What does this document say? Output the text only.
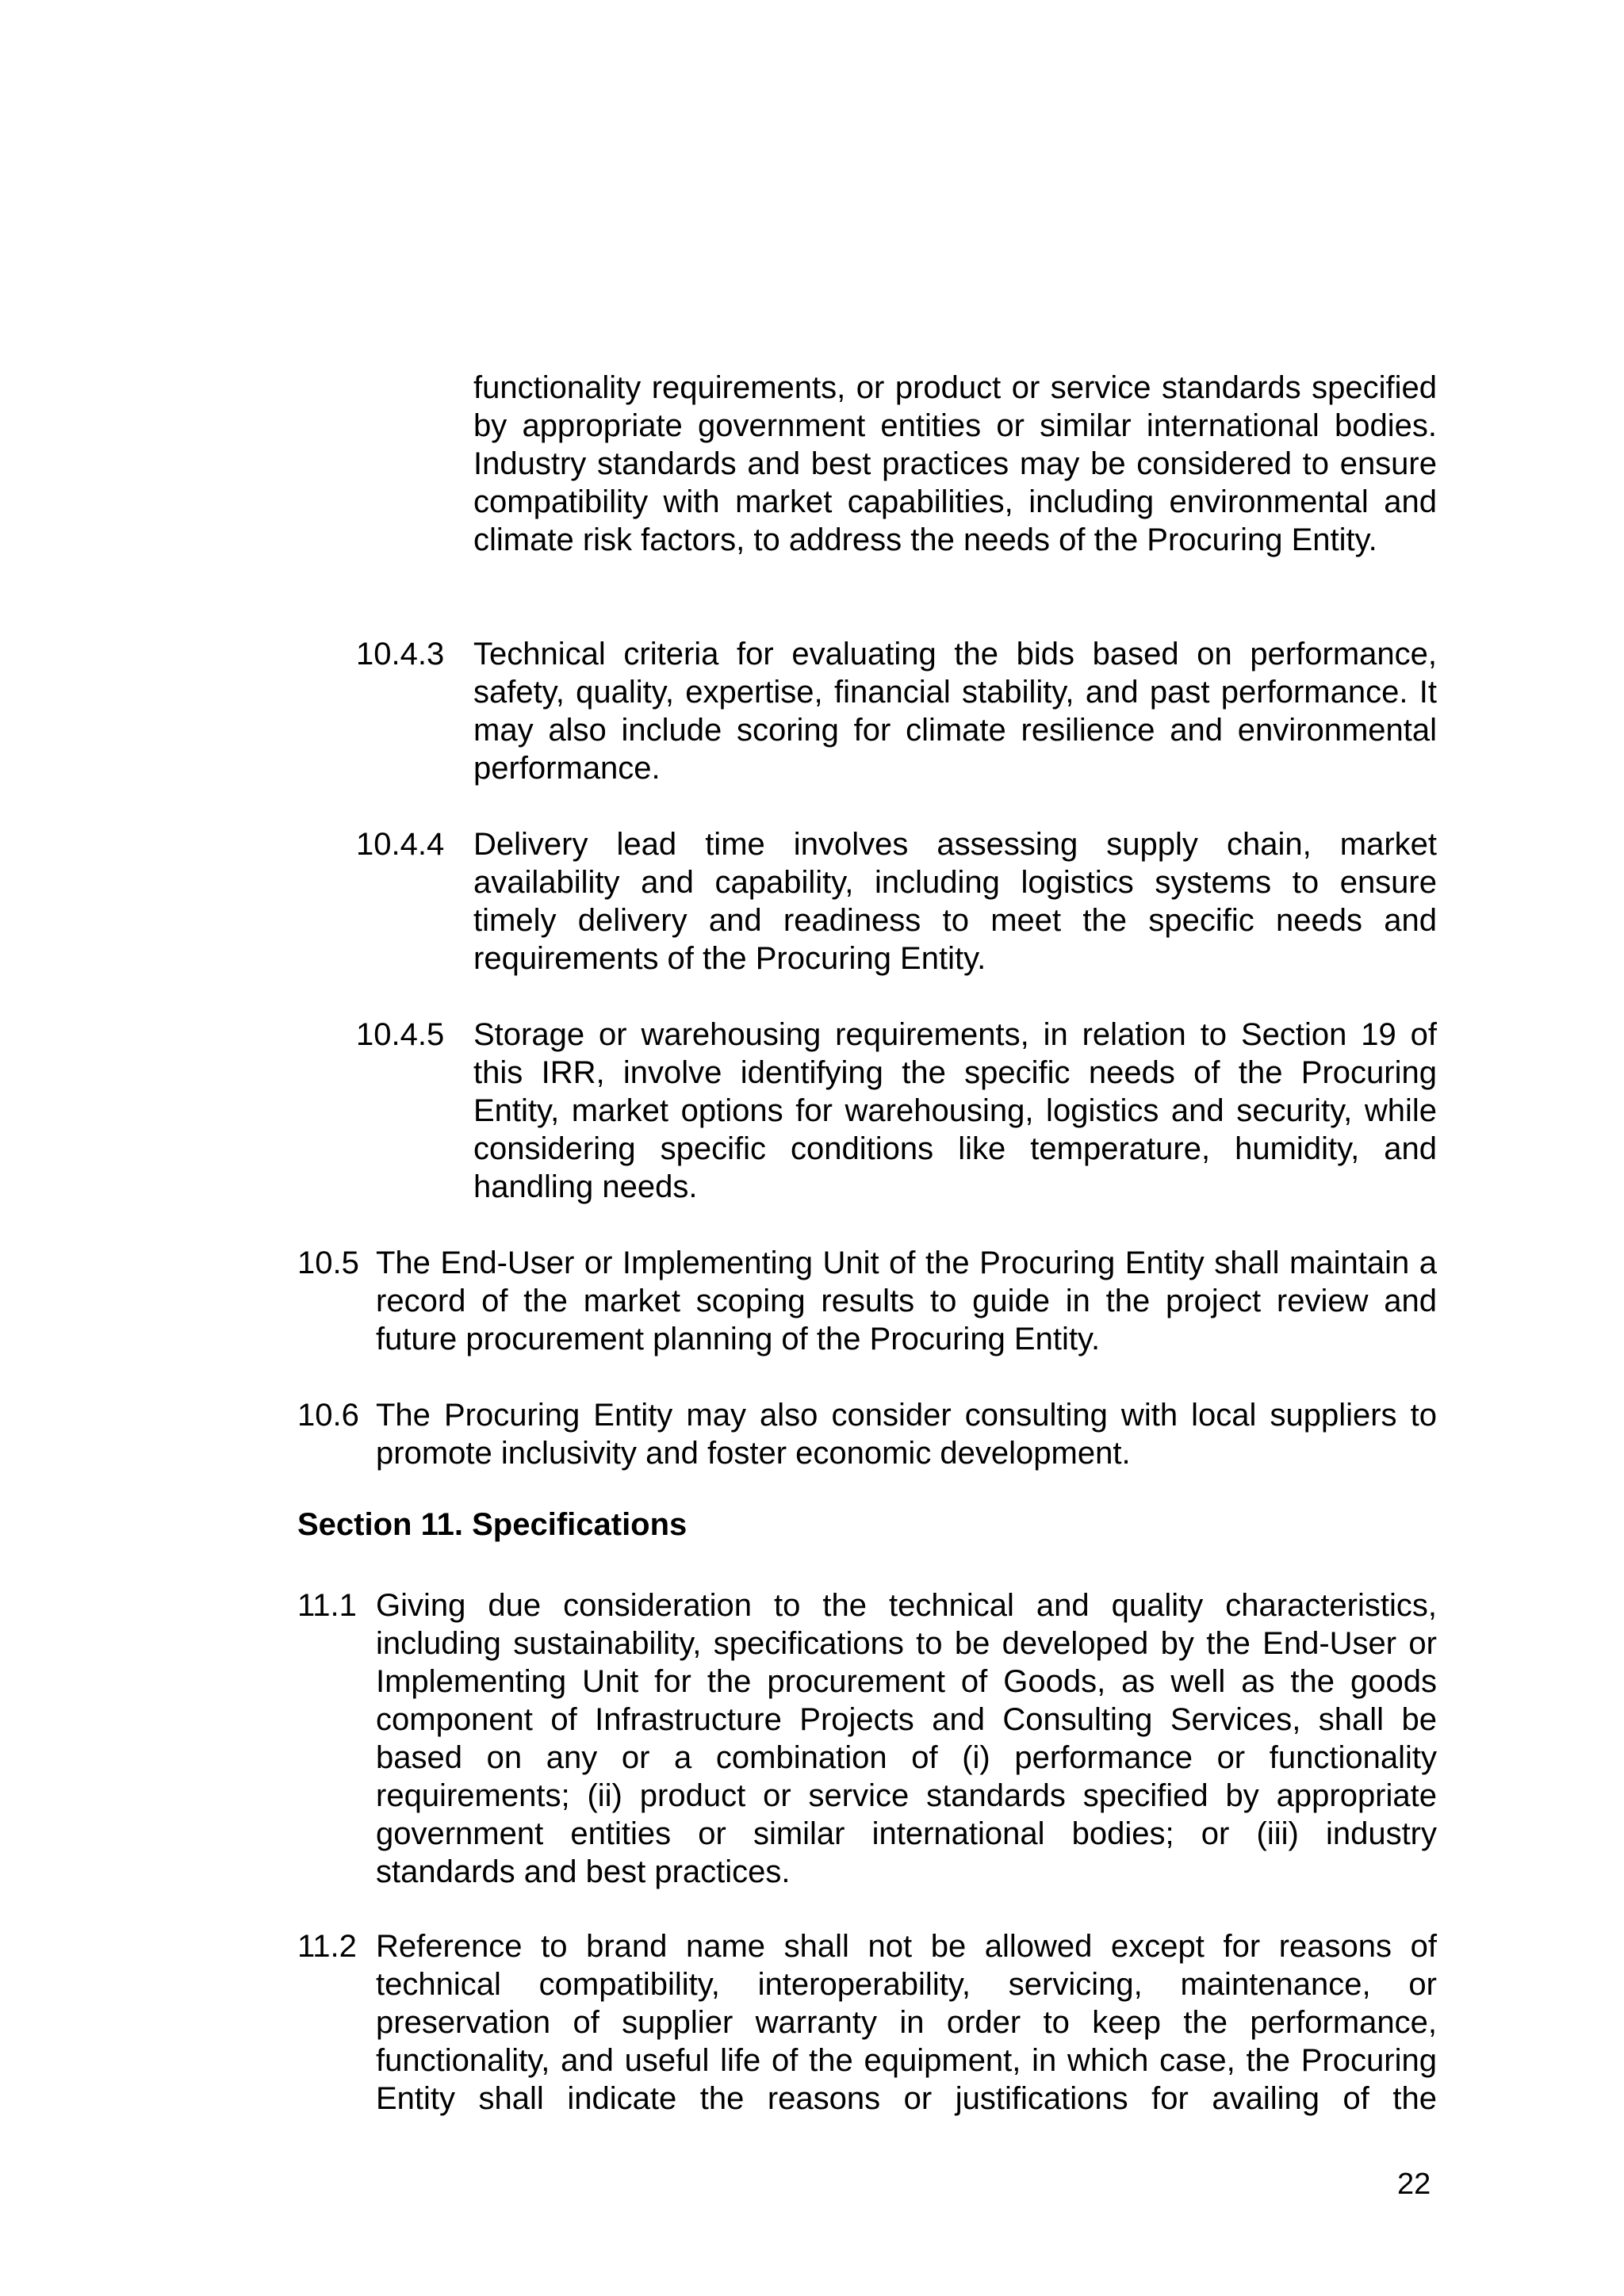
functionality requirements, or product or service standards specified by appropriate government entities or similar international bodies. Industry standards and best practices may be considered to ensure compatibility with market capabilities, including environmental and climate risk factors, to address the needs of the Procuring Entity.

10.4.3 Technical criteria for evaluating the bids based on performance, safety, quality, expertise, financial stability, and past performance. It may also include scoring for climate resilience and environmental performance.

10.4.4 Delivery lead time involves assessing supply chain, market availability and capability, including logistics systems to ensure timely delivery and readiness to meet the specific needs and requirements of the Procuring Entity.

10.4.5 Storage or warehousing requirements, in relation to Section 19 of this IRR, involve identifying the specific needs of the Procuring Entity, market options for warehousing, logistics and security, while considering specific conditions like temperature, humidity, and handling needs.

10.5 The End-User or Implementing Unit of the Procuring Entity shall maintain a record of the market scoping results to guide in the project review and future procurement planning of the Procuring Entity.

10.6 The Procuring Entity may also consider consulting with local suppliers to promote inclusivity and foster economic development.

Section 11. Specifications

11.1 Giving due consideration to the technical and quality characteristics, including sustainability, specifications to be developed by the End-User or Implementing Unit for the procurement of Goods, as well as the goods component of Infrastructure Projects and Consulting Services, shall be based on any or a combination of (i) performance or functionality requirements; (ii) product or service standards specified by appropriate government entities or similar international bodies; or (iii) industry standards and best practices.

11.2 Reference to brand name shall not be allowed except for reasons of technical compatibility, interoperability, servicing, maintenance, or preservation of supplier warranty in order to keep the performance, functionality, and useful life of the equipment, in which case, the Procuring Entity shall indicate the reasons or justifications for availing of the

22
